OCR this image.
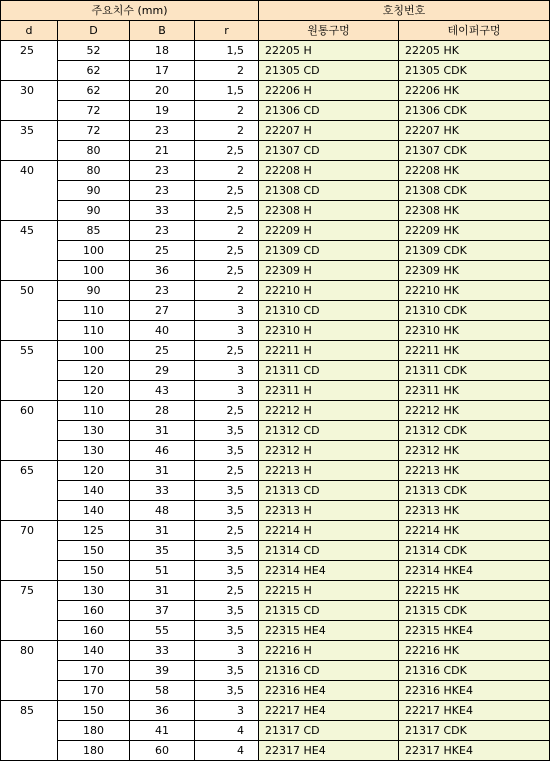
주요치수 (mm)				호칭번호	
d	D	B	r	원통구멍	테이퍼구멍
25	52	18	1,5	22205 H	22205 HK
	62	17	2	21305 CD	21305 CDK
30	62	20	1,5	22206 H	22206 HK
	72	19	2	21306 CD	21306 CDK
35	72	23	2	22207 H	22207 HK
	80	21	2,5	21307 CD	21307 CDK
40	80	23	2	22208 H	22208 HK
	90	23	2,5	21308 CD	21308 CDK
	90	33	2,5	22308 H	22308 HK
45	85	23	2	22209 H	22209 HK
	100	25	2,5	21309 CD	21309 CDK
	100	36	2,5	22309 H	22309 HK
50	90	23	2	22210 H	22210 HK
	110	27	3	21310 CD	21310 CDK
	110	40	3	22310 H	22310 HK
55	100	25	2,5	22211 H	22211 HK
	120	29	3	21311 CD	21311 CDK
	120	43	3	22311 H	22311 HK
60	110	28	2,5	22212 H	22212 HK
	130	31	3,5	21312 CD	21312 CDK
	130	46	3,5	22312 H	22312 HK
65	120	31	2,5	22213 H	22213 HK
	140	33	3,5	21313 CD	21313 CDK
	140	48	3,5	22313 H	22313 HK
70	125	31	2,5	22214 H	22214 HK
	150	35	3,5	21314 CD	21314 CDK
	150	51	3,5	22314 HE4	22314 HKE4
75	130	31	2,5	22215 H	22215 HK
	160	37	3,5	21315 CD	21315 CDK
	160	55	3,5	22315 HE4	22315 HKE4
80	140	33	3	22216 H	22216 HK
	170	39	3,5	21316 CD	21316 CDK
	170	58	3,5	22316 HE4	22316 HKE4
85	150	36	3	22217 HE4	22217 HKE4
	180	41	4	21317 CD	21317 CDK
	180	60	4	22317 HE4	22317 HKE4
